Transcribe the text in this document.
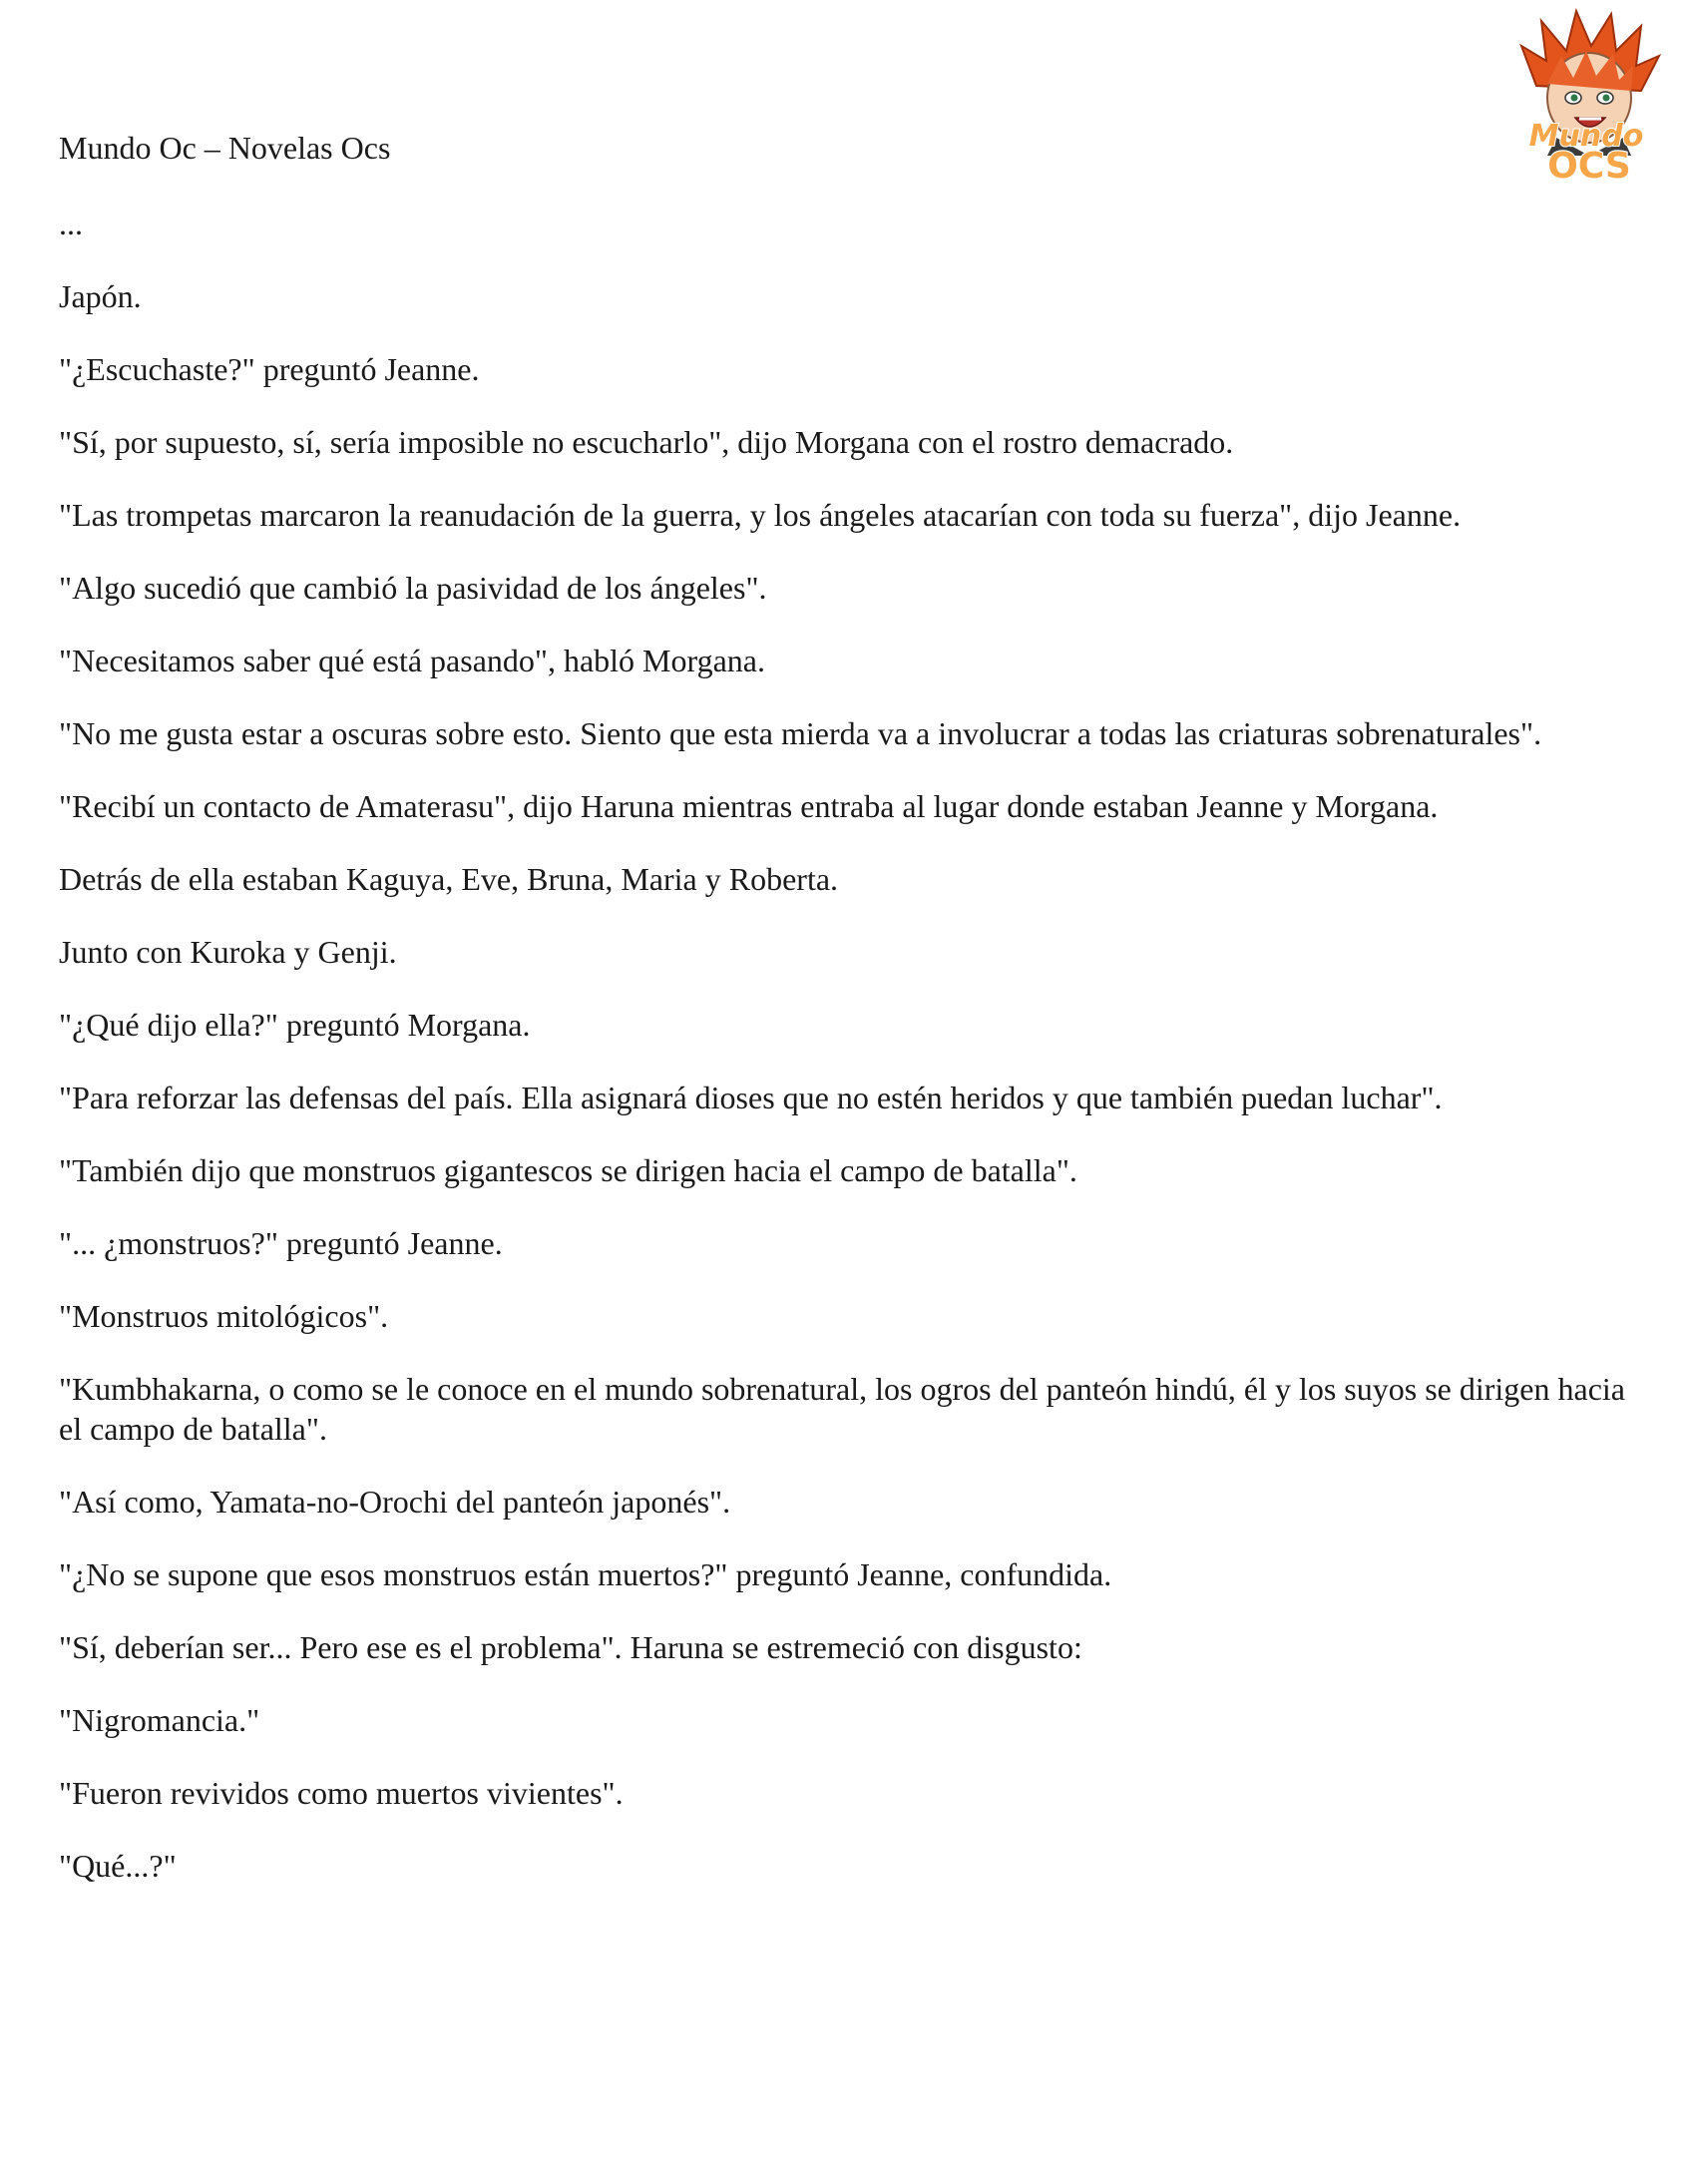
Mundo Oc – Novelas Ocs	Mundo
OCS

...

Japón.

"¿Escuchaste?" preguntó Jeanne.

"Sí, por supuesto, sí, sería imposible no escucharlo", dijo Morgana con el rostro demacrado.

"Las trompetas marcaron la reanudación de la guerra, y los ángeles atacarían con toda su fuerza", dijo Jeanne.

"Algo sucedió que cambió la pasividad de los ángeles".

"Necesitamos saber qué está pasando", habló Morgana.

"No me gusta estar a oscuras sobre esto. Siento que esta mierda va a involucrar a todas las criaturas sobrenaturales".

"Recibí un contacto de Amaterasu", dijo Haruna mientras entraba al lugar donde estaban Jeanne y Morgana.

Detrás de ella estaban Kaguya, Eve, Bruna, Maria y Roberta.

Junto con Kuroka y Genji.

"¿Qué dijo ella?" preguntó Morgana.

"Para reforzar las defensas del país. Ella asignará dioses que no estén heridos y que también puedan luchar".

"También dijo que monstruos gigantescos se dirigen hacia el campo de batalla".

"... ¿monstruos?" preguntó Jeanne.

"Monstruos mitológicos".

"Kumbhakarna, o como se le conoce en el mundo sobrenatural, los ogros del panteón hindú, él y los suyos se dirigen hacia el campo de batalla".

"Así como, Yamata-no-Orochi del panteón japonés".

"¿No se supone que esos monstruos están muertos?" preguntó Jeanne, confundida.

"Sí, deberían ser... Pero ese es el problema". Haruna se estremeció con disgusto:

"Nigromancia."

"Fueron revividos como muertos vivientes".

"Qué...?"
